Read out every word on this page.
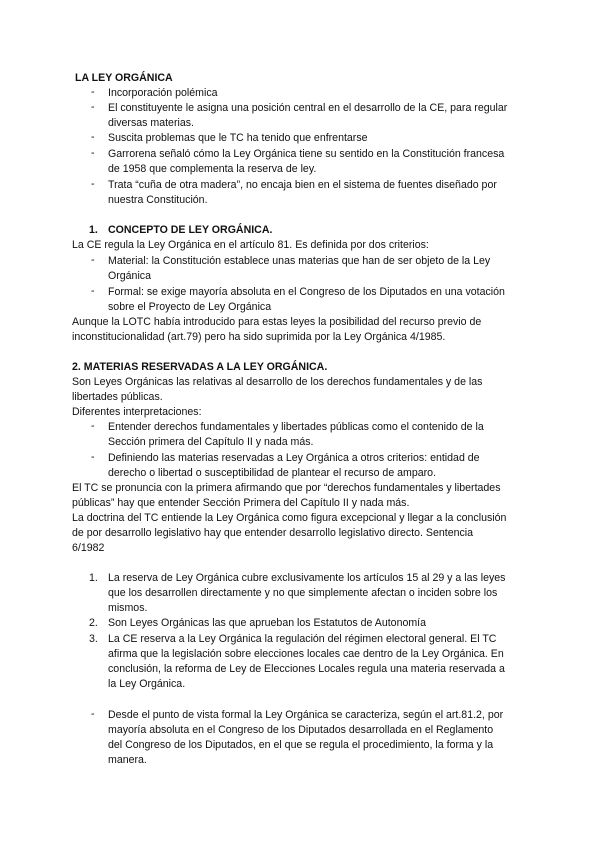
LA LEY ORGÁNICA
- Incorporación polémica
- El constituyente le asigna una posición central en el desarrollo de la CE, para regular
diversas materias.
- Suscita problemas que le TC ha tenido que enfrentarse
- Garrorena señaló cómo la Ley Orgánica tiene su sentido en la Constitución francesa
de 1958 que complementa la reserva de ley.
- Trata “cuña de otra madera”, no encaja bien en el sistema de fuentes diseñado por
nuestra Constitución.
1. CONCEPTO DE LEY ORGÁNICA.
La CE regula la Ley Orgánica en el artículo 81. Es definida por dos criterios:
- Material: la Constitución establece unas materias que han de ser objeto de la Ley
Orgánica
- Formal: se exige mayoría absoluta en el Congreso de los Diputados en una votación
sobre el Proyecto de Ley Orgánica
Aunque la LOTC había introducido para estas leyes la posibilidad del recurso previo de
inconstitucionalidad (art.79) pero ha sido suprimida por la Ley Orgánica 4/1985.
2. MATERIAS RESERVADAS A LA LEY ORGÁNICA.
Son Leyes Orgánicas las relativas al desarrollo de los derechos fundamentales y de las
libertades públicas.
Diferentes interpretaciones:
- Entender derechos fundamentales y libertades públicas como el contenido de la
Sección primera del Capítulo II y nada más.
- Definiendo las materias reservadas a Ley Orgánica a otros criterios: entidad de
derecho o libertad o susceptibilidad de plantear el recurso de amparo.
El TC se pronuncia con la primera afirmando que por “derechos fundamentales y libertades
públicas” hay que entender Sección Primera del Capítulo II y nada más.
La doctrina del TC entiende la Ley Orgánica como figura excepcional y llegar a la conclusión
de por desarrollo legislativo hay que entender desarrollo legislativo directo. Sentencia
6/1982
1. La reserva de Ley Orgánica cubre exclusivamente los artículos 15 al 29 y a las leyes
que los desarrollen directamente y no que simplemente afectan o inciden sobre los
mismos.
2. Son Leyes Orgánicas las que aprueban los Estatutos de Autonomía
3. La CE reserva a la Ley Orgánica la regulación del régimen electoral general. El TC
afirma que la legislación sobre elecciones locales cae dentro de la Ley Orgánica. En
conclusión, la reforma de Ley de Elecciones Locales regula una materia reservada a
la Ley Orgánica.
- Desde el punto de vista formal la Ley Orgánica se caracteriza, según el art.81.2, por
mayoría absoluta en el Congreso de los Diputados desarrollada en el Reglamento
del Congreso de los Diputados, en el que se regula el procedimiento, la forma y la
manera.
